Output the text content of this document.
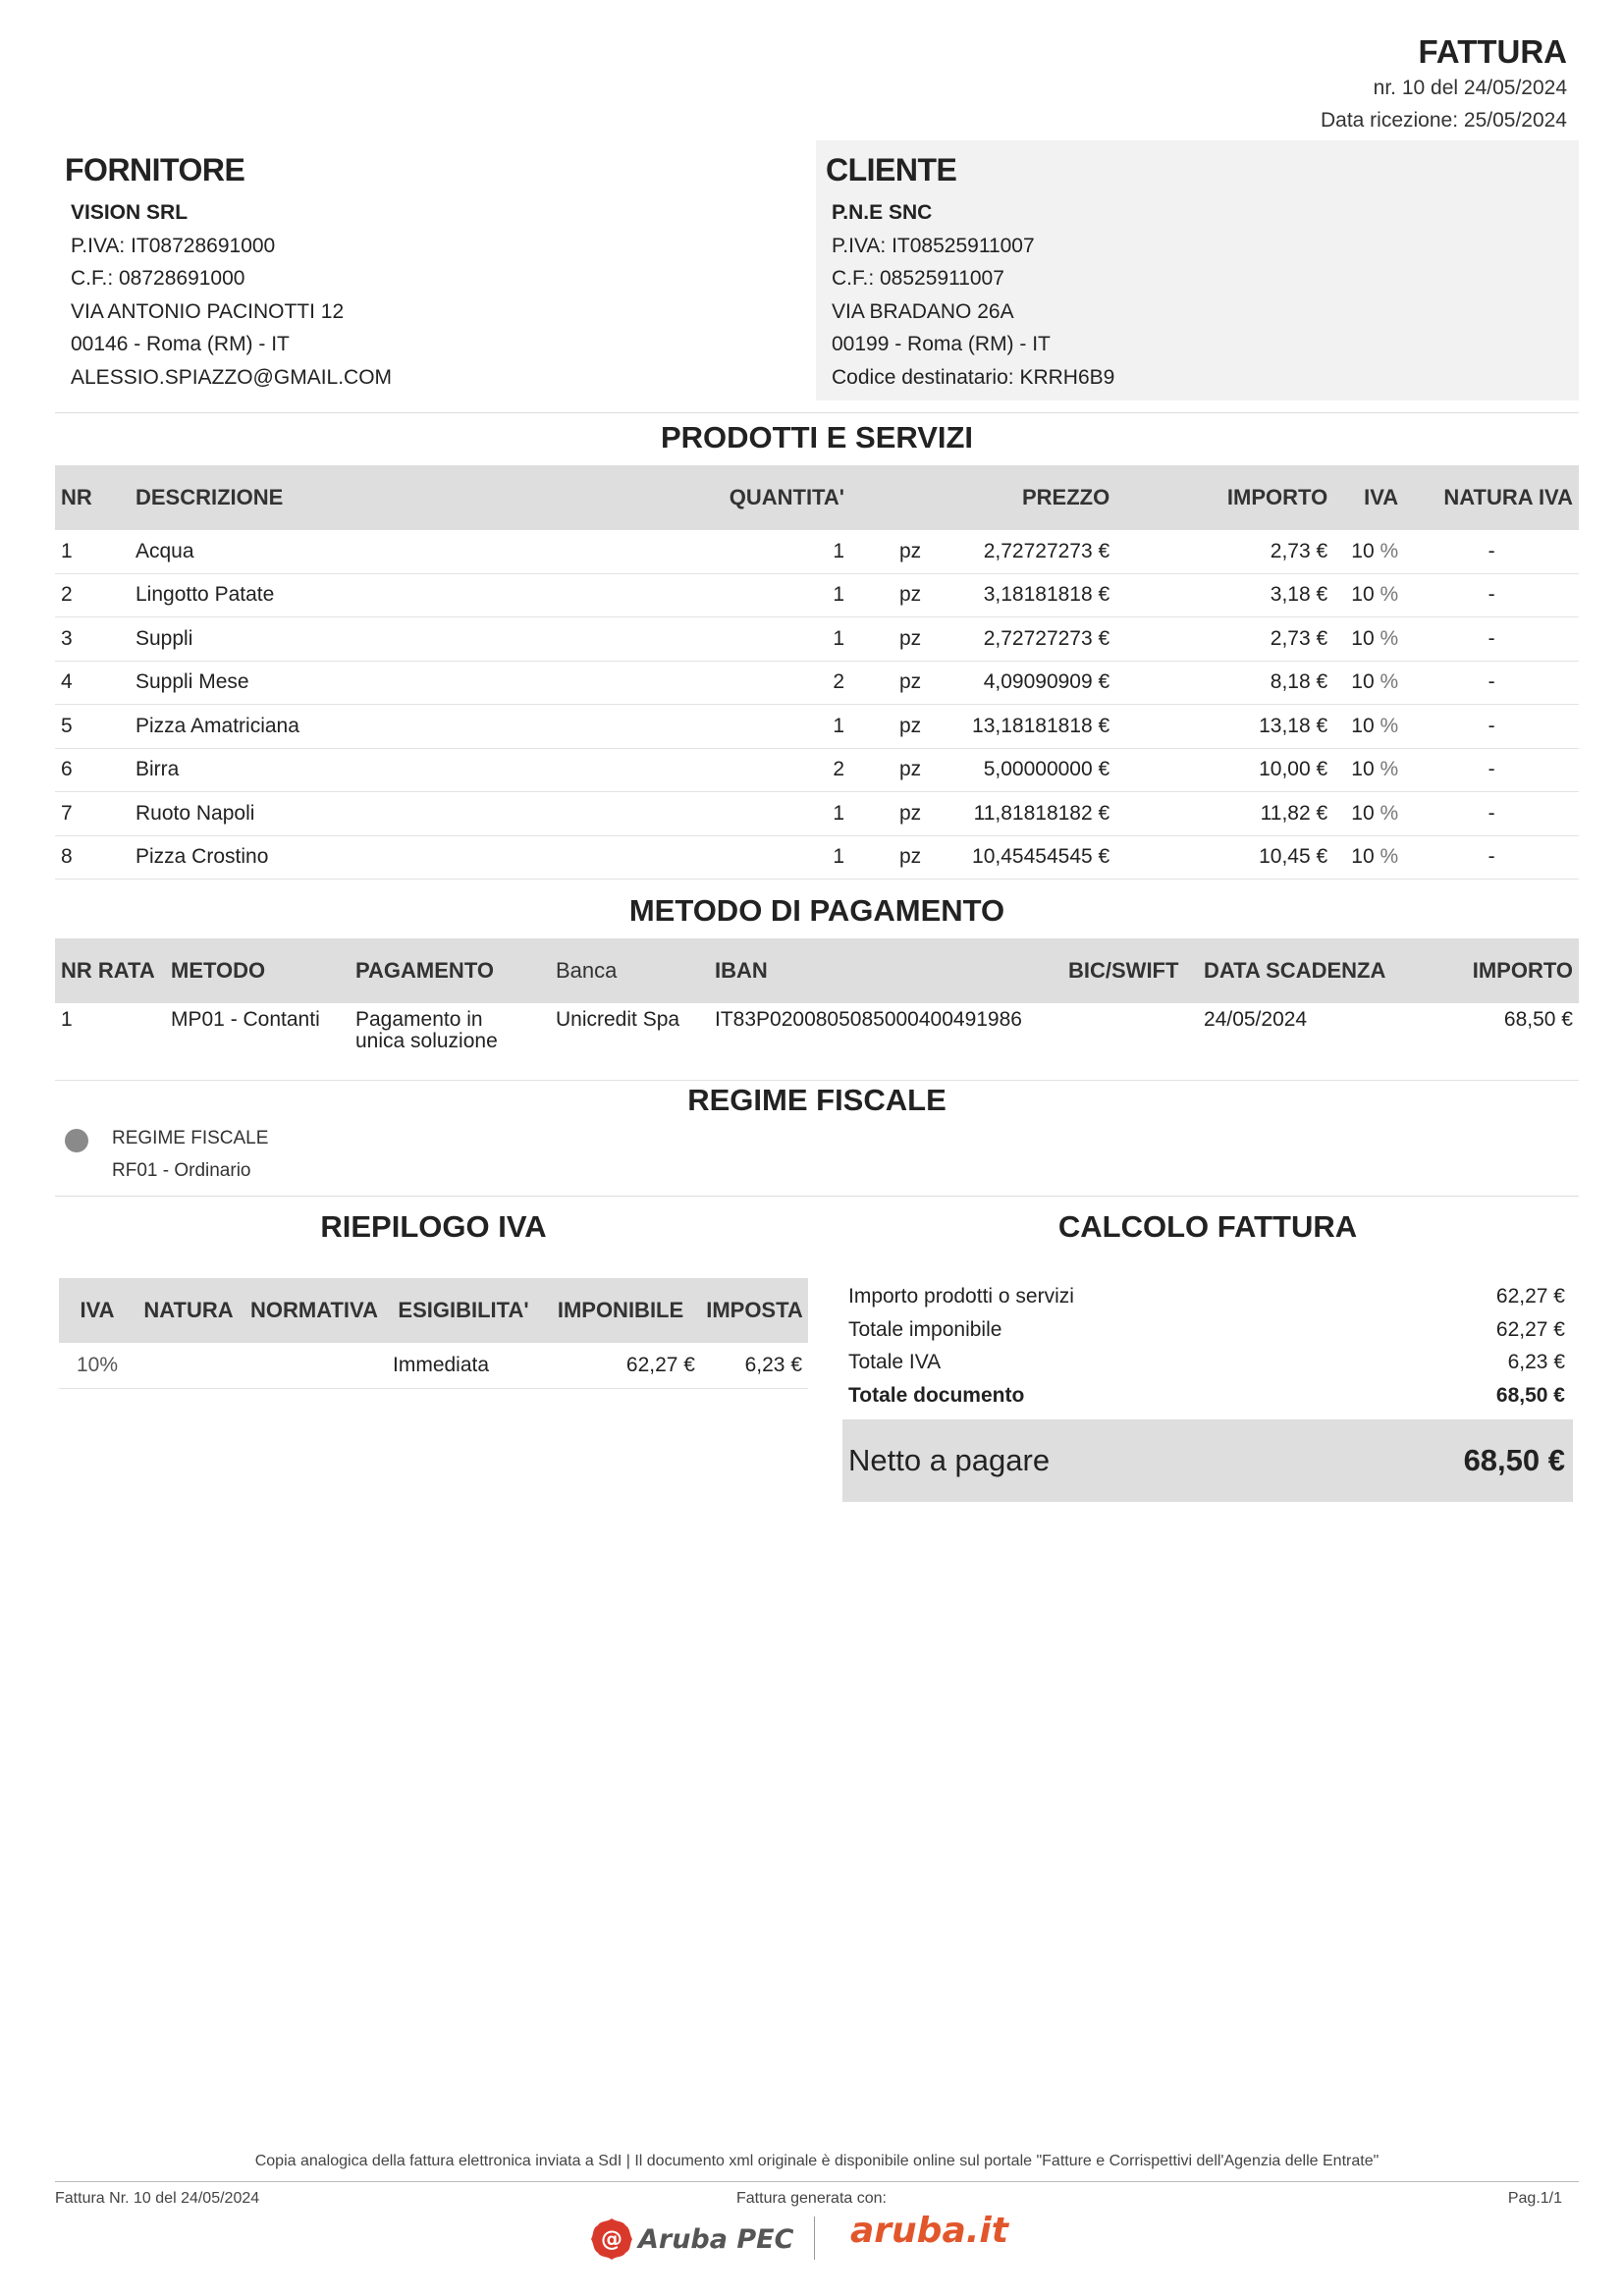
FATTURA
nr. 10 del 24/05/2024
Data ricezione: 25/05/2024
FORNITORE
VISION SRL
P.IVA: IT08728691000
C.F.: 08728691000
VIA ANTONIO PACINOTTI 12
00146 - Roma (RM) - IT
ALESSIO.SPIAZZO@GMAIL.COM
CLIENTE
P.N.E SNC
P.IVA: IT08525911007
C.F.: 08525911007
VIA BRADANO 26A
00199 - Roma (RM) - IT
Codice destinatario: KRRH6B9
PRODOTTI E SERVIZI
NR	DESCRIZIONE	QUANTITA'		PREZZO	IMPORTO	IVA	NATURA IVA
1	Acqua	1	pz	2,72727273 €	2,73 €	10 %	-
2	Lingotto Patate	1	pz	3,18181818 €	3,18 €	10 %	-
3	Suppli	1	pz	2,72727273 €	2,73 €	10 %	-
4	Suppli Mese	2	pz	4,09090909 €	8,18 €	10 %	-
5	Pizza Amatriciana	1	pz	13,18181818 €	13,18 €	10 %	-
6	Birra	2	pz	5,00000000 €	10,00 €	10 %	-
7	Ruoto Napoli	1	pz	11,81818182 €	11,82 €	10 %	-
8	Pizza Crostino	1	pz	10,45454545 €	10,45 €	10 %	-
METODO DI PAGAMENTO
NR RATA	METODO	PAGAMENTO	Banca	IBAN	BIC/SWIFT	DATA SCADENZA	IMPORTO
1	MP01 - Contanti	Pagamento in
unica soluzione	Unicredit Spa	IT83P0200805085000400491986		24/05/2024	68,50 €
REGIME FISCALE
REGIME FISCALE
RF01 - Ordinario
RIEPILOGO IVA
IVA	NATURA	NORMATIVA	ESIGIBILITA'	IMPONIBILE	IMPOSTA
10%			Immediata	62,27 €	6,23 €
CALCOLO FATTURA
Importo prodotti o servizi	62,27 €
Totale imponibile	62,27 €
Totale IVA	6,23 €
Totale documento	68,50 €
Netto a pagare	68,50 €
Copia analogica della fattura elettronica inviata a SdI | Il documento xml originale è disponibile online sul portale "Fatture e Corrispettivi dell'Agenzia delle Entrate"
Fattura Nr. 10 del 24/05/2024	Fattura generata con:	Pag.1/1
@ Aruba PEC aruba.it
